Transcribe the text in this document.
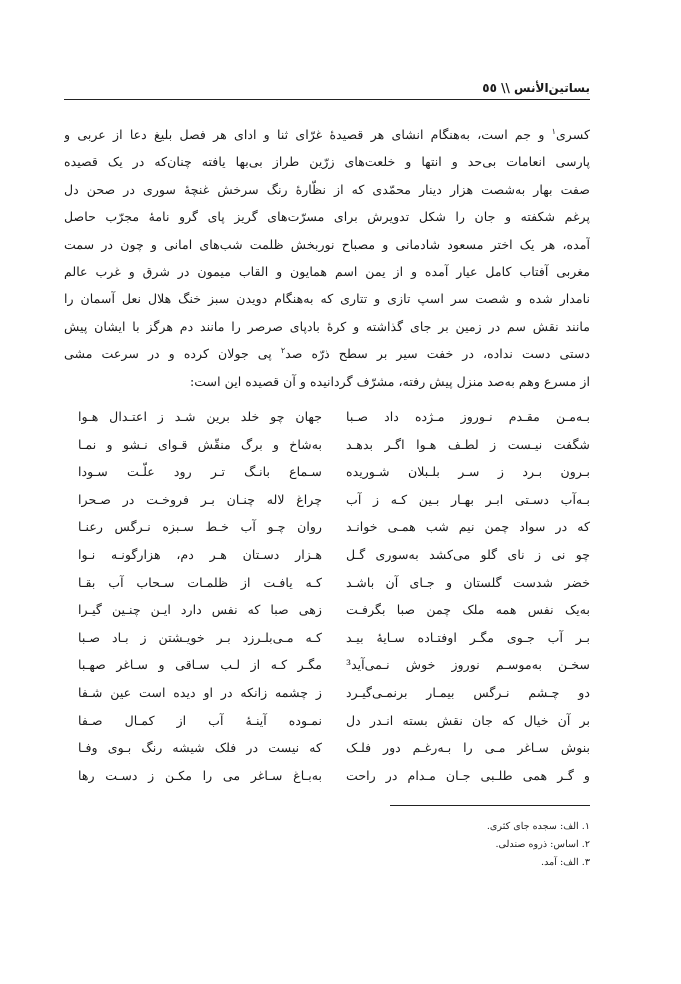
بساتین‌الأنس \\ ٥٥
کسری$^١$ و جم است، به‌هنگام انشای هر قصیدهٔ غرّای ثنا و ادای هر فصل بلیغ دعا از عربی و
پارسی انعامات بی‌حد و انتها و خلعت‌های زرّین طراز بی‌بها یافته چنان‌که در یک قصیده
صفت بهار به‌شصت هزار دینار محمّدی که از نظّارهٔ رنگ سرخش غنچهٔ سوری در صحن دل
پرغم شکفته و جان را شکل تدویرش برای مسرّت‌های گریز پای گرو نامهٔ مجرّب حاصل
آمده، هر یک اختر مسعود شادمانی و مصباح نوربخش ظلمت شب‌های امانی و چون در سمت
مغربی آفتاب کامل عیار آمده و از یمن اسم همایون و القاب میمون در شرق و غرب عالم
نامدار شده و شصت سر اسپ تازی و تتاری که به‌هنگام دویدن سبز خنگ هلال نعل آسمان را
مانند نقش سم در زمین بر جای گذاشته و کرهٔ بادپای صرصر را مانند دم هرگز با ایشان پیش
دستی دست نداده، در خفت سیر بر سطح ذرّه صد$^٢$ پی جولان کرده و در سرعت مشی
از مسرع وهم به‌صد منزل پیش رفته، مشرّف گردانیده و آن قصیده این است:
بـه‌مـن مقـدم نـوروز مـژده داد صـبا
جهان چو خلد برین شـد ز اعتـدال هـوا
شگفت نیـست ز لطـف هـوا اگـر بدهـد
به‌شاخ و برگ منقّش قـوای نـشو و نمـا
بـرون بـرد ز سـر بلـبلان شـوریده
سـماع بانـگ تـر رود علّـت سـودا
بـه‌آب دسـتی ابـر بهـار بـین کـه ز آب
چراغ لاله چنـان بـر فروخـت در صـحرا
که در سواد چمن نیم شب همـی خوانـد
روان چـو آب خـط سـبزه نـرگس رعنـا
چو نی ز نای گلو می‌کشد به‌سوری گـل
هـزار دسـتان هـر دم، هزارگونـه نـوا
خضر شدست گلستان و جـای آن باشـد
کـه یافـت از ظلمـات سـحاب آب بقـا
به‌یک نفس همه ملک چمن صبا بگرفـت
زهی صبا که نفس دارد ایـن چنـین گیـرا
بـر آب جـوی مگـر اوفتـاده سـایهٔ بیـد
کـه مـی‌بلـرزد بـر خویـشتن ز بـاد صـبا
سخـن به‌موسـم نوروز خوش نـمی‌آید³
مگـر کـه از لـب سـاقی و سـاغر صهـبا
دو چـشم نـرگس بیمـار برنمـی‌گیـرد
ز چشمه زانکه در او دیده است عین شـفا
بر آن خیال که جان نقش بسته انـدر دل
نمـوده آینـهٔ آب از کمـال صـفا
بنوش سـاغر مـی را بـه‌رغـم دور فلـک
که نیست در فلک شیشه رنگ بـوی وفـا
و گـر همی طلـبی جـان مـدام در راحت
به‌بـاغ سـاغر می را مکـن ز دسـت رها
١. الف: سجده جای کثری.
٢. اساس: ذروه صندلی.
٣. الف: آمد.
